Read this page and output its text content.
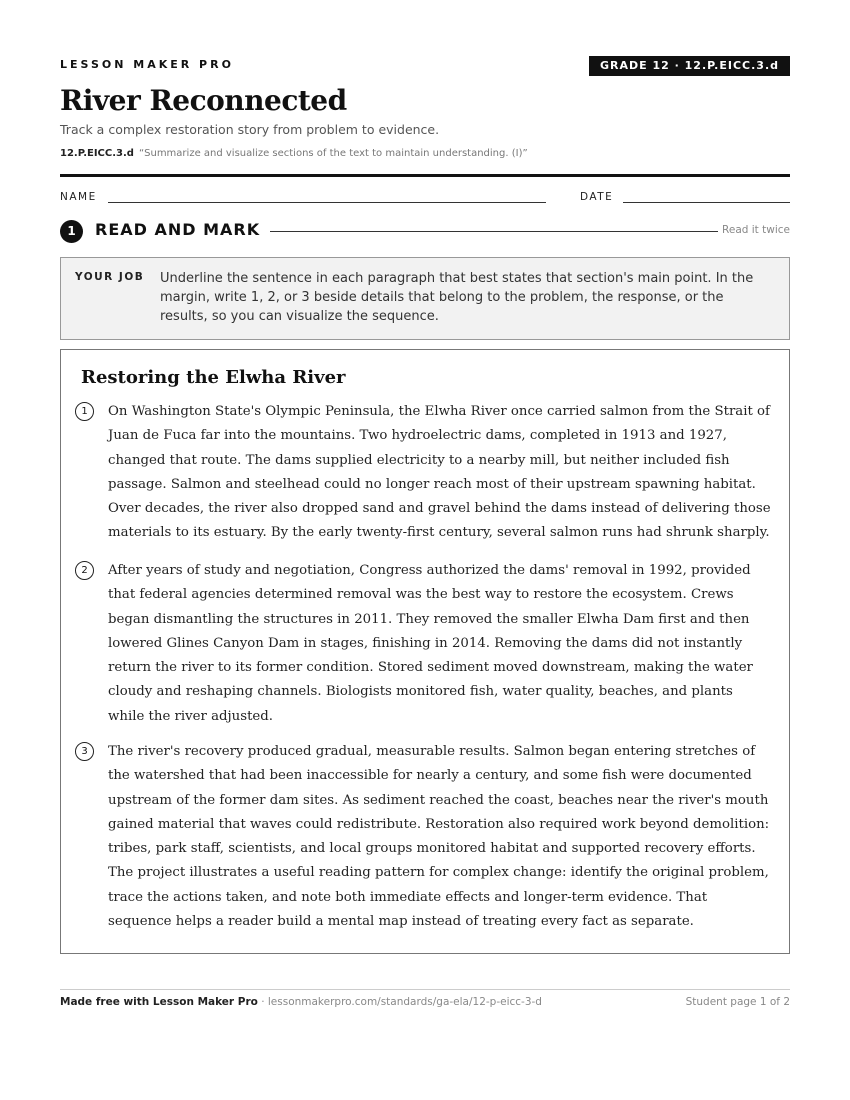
LESSON MAKER PRO	GRADE 12 · 12.P.EICC.3.d
River Reconnected
Track a complex restoration story from problem to evidence.
12.P.EICC.3.d “Summarize and visualize sections of the text to maintain understanding. (I)”
NAME	DATE
1	READ AND MARK	Read it twice
YOUR JOB Underline the sentence in each paragraph that best states that section's main point. In the margin, write 1, 2, or 3 beside details that belong to the problem, the response, or the results, so you can visualize the sequence.
Restoring the Elwha River
1	On Washington State's Olympic Peninsula, the Elwha River once carried salmon from the Strait of Juan de Fuca far into the mountains. Two hydroelectric dams, completed in 1913 and 1927, changed that route. The dams supplied electricity to a nearby mill, but neither included fish passage. Salmon and steelhead could no longer reach most of their upstream spawning habitat. Over decades, the river also dropped sand and gravel behind the dams instead of delivering those materials to its estuary. By the early twenty-first century, several salmon runs had shrunk sharply.
2	After years of study and negotiation, Congress authorized the dams' removal in 1992, provided that federal agencies determined removal was the best way to restore the ecosystem. Crews began dismantling the structures in 2011. They removed the smaller Elwha Dam first and then lowered Glines Canyon Dam in stages, finishing in 2014. Removing the dams did not instantly return the river to its former condition. Stored sediment moved downstream, making the water cloudy and reshaping channels. Biologists monitored fish, water quality, beaches, and plants while the river adjusted.
3	The river's recovery produced gradual, measurable results. Salmon began entering stretches of the watershed that had been inaccessible for nearly a century, and some fish were documented upstream of the former dam sites. As sediment reached the coast, beaches near the river's mouth gained material that waves could redistribute. Restoration also required work beyond demolition: tribes, park staff, scientists, and local groups monitored habitat and supported recovery efforts. The project illustrates a useful reading pattern for complex change: identify the original problem, trace the actions taken, and note both immediate effects and longer-term evidence. That sequence helps a reader build a mental map instead of treating every fact as separate.
Made free with Lesson Maker Pro · lessonmakerpro.com/standards/ga-ela/12-p-eicc-3-d	Student page 1 of 2
